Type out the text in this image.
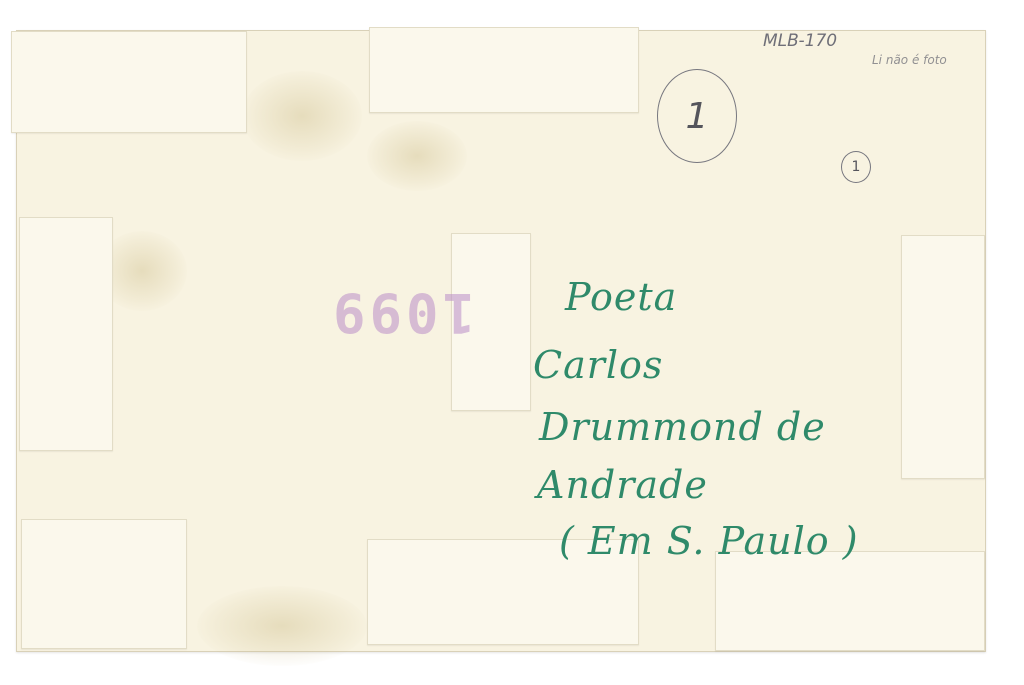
1099
MLB-170
Li não é foto
1
1
Poeta
Carlos
Drummond de
Andrade
( Em S. Paulo )
